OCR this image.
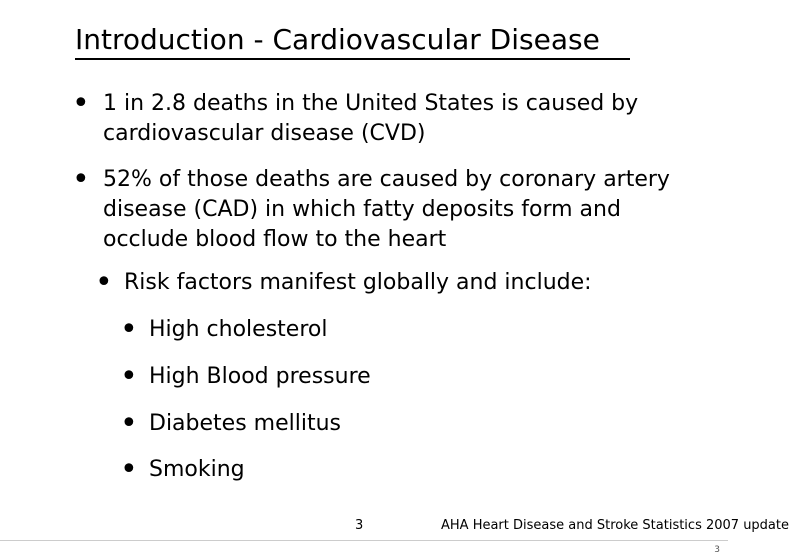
Introduction - Cardiovascular Disease
• 1 in 2.8 deaths in the United States is caused by
cardiovascular disease (CVD)
• 52% of those deaths are caused by coronary artery
disease (CAD) in which fatty deposits form and
occlude blood flow to the heart
• Risk factors manifest globally and include:
• High cholesterol
• High Blood pressure
• Diabetes mellitus
• Smoking
3	AHA Heart Disease and Stroke Statistics 2007 update
3
